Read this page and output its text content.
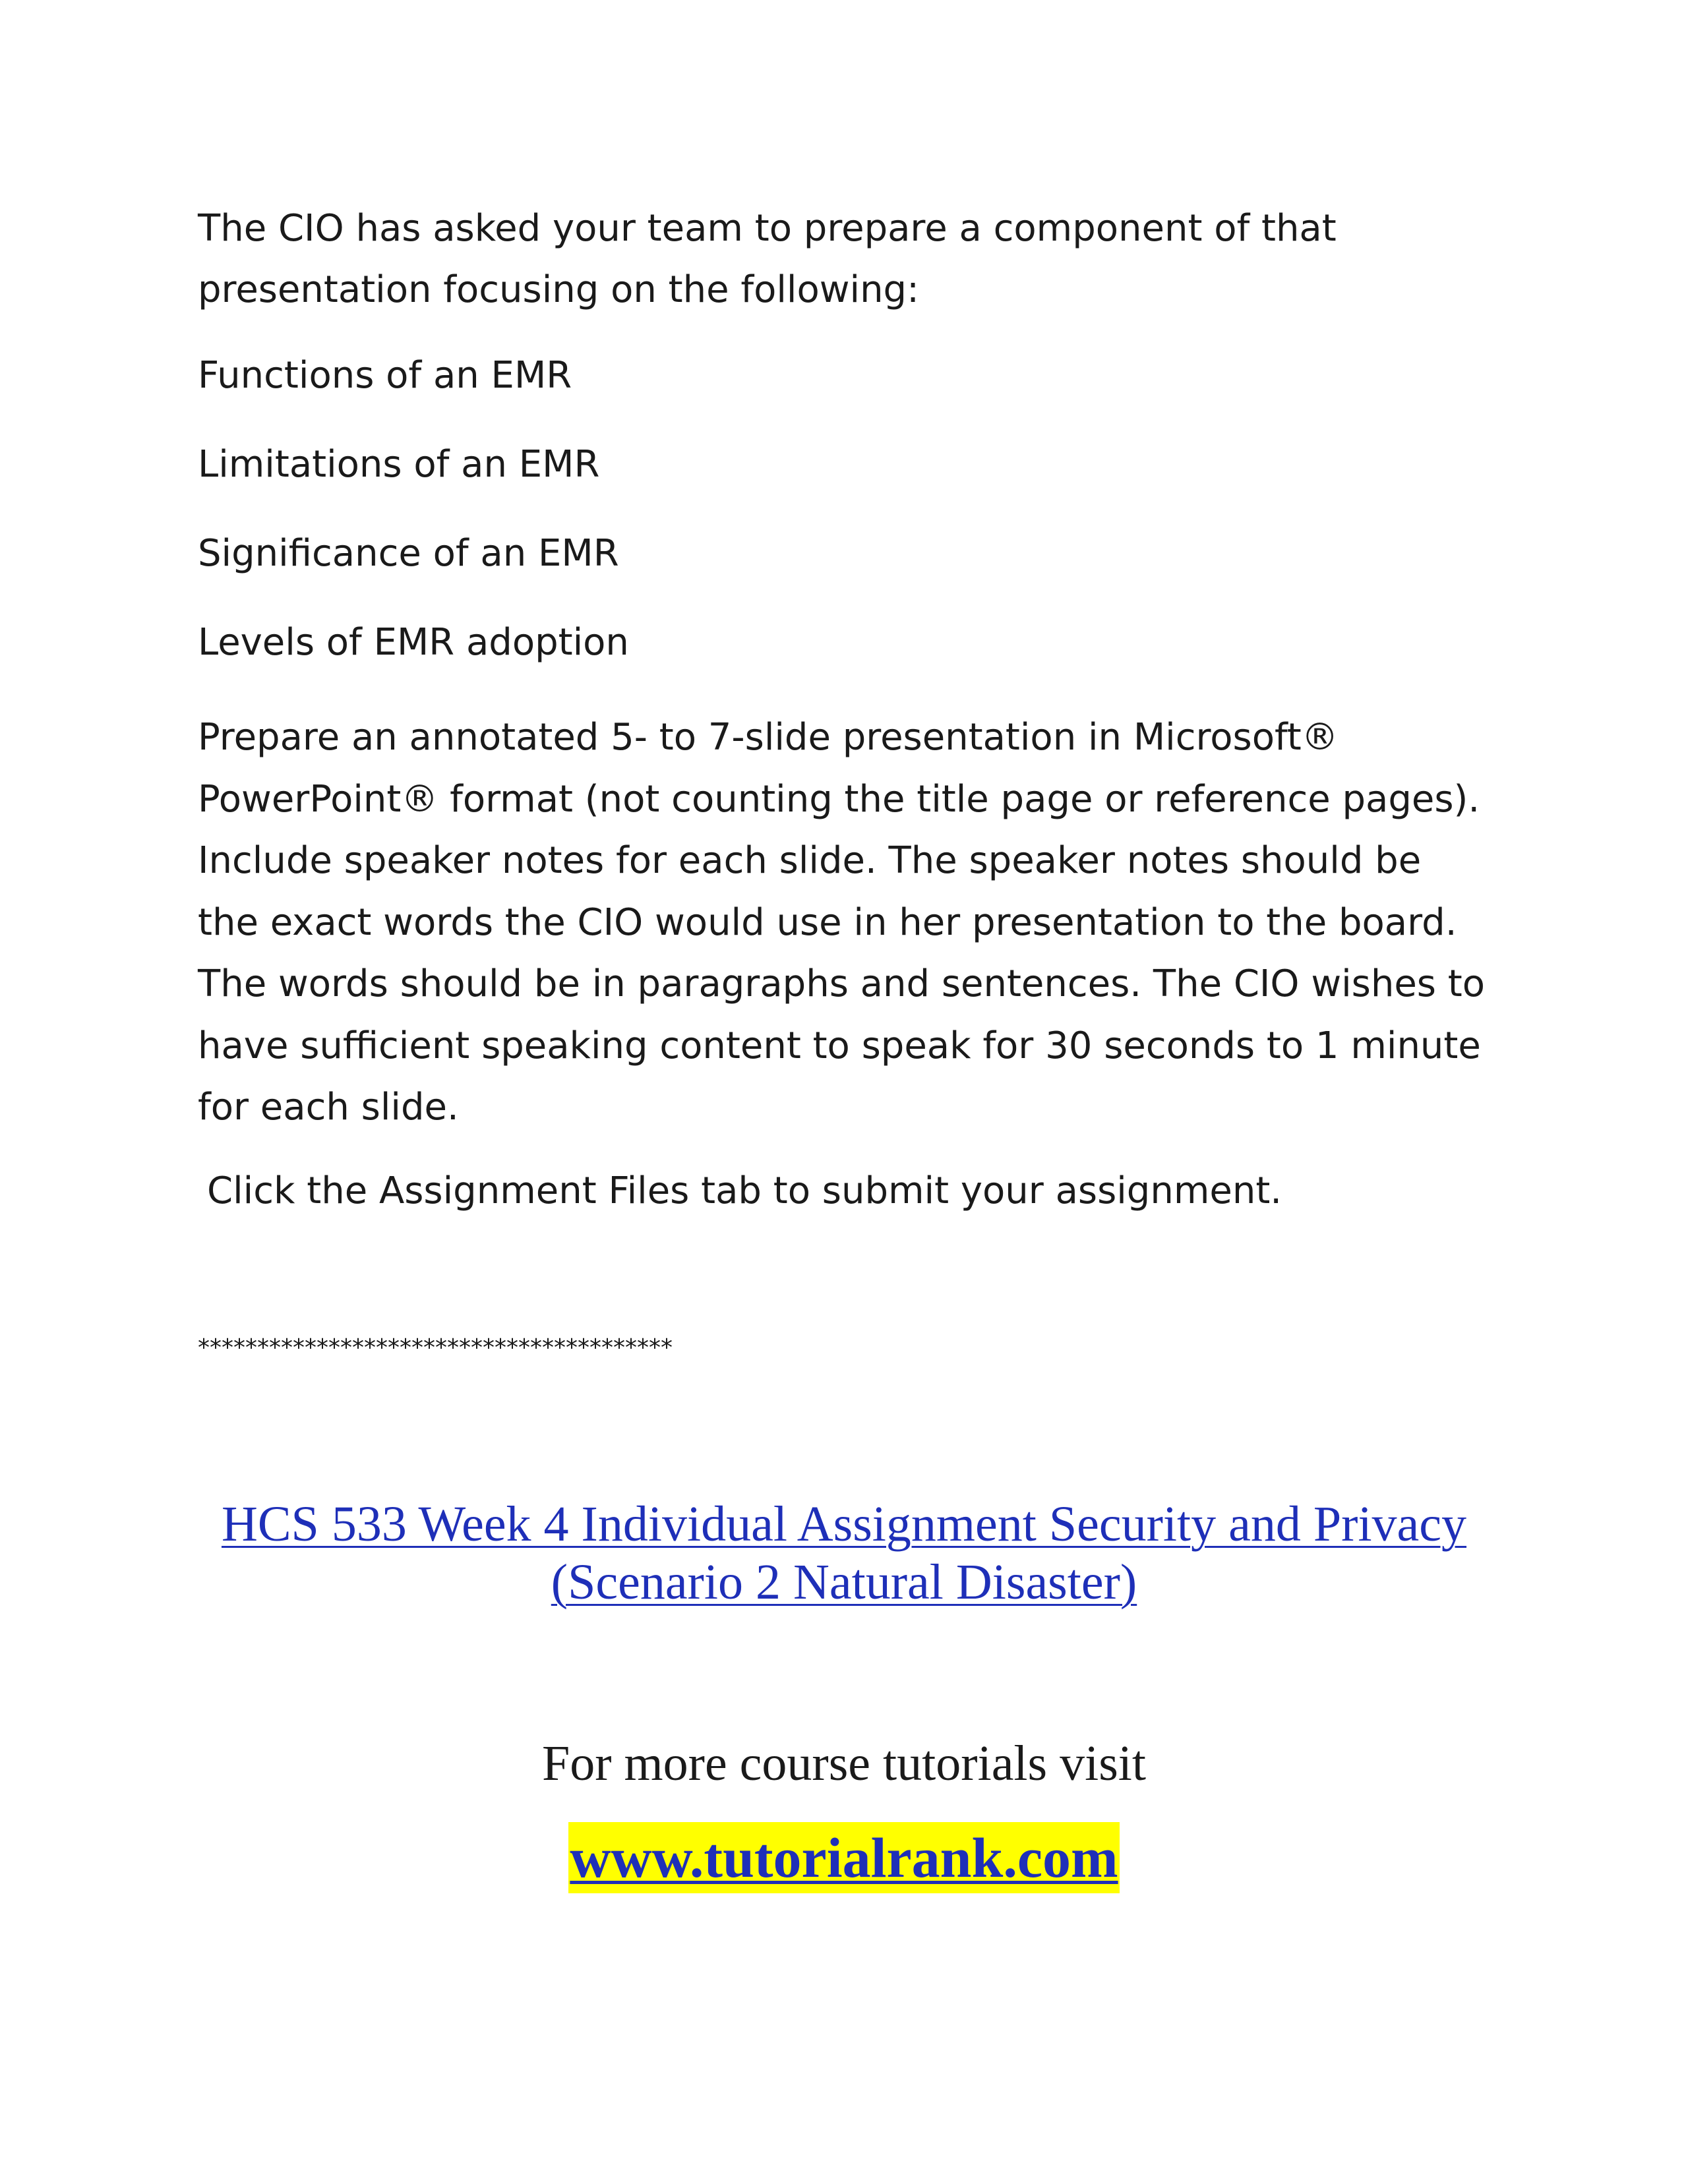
The CIO has asked your team to prepare a component of that presentation focusing on the following:

Functions of an EMR

Limitations of an EMR

Significance of an EMR

Levels of EMR adoption

Prepare an annotated 5- to 7-slide presentation in Microsoft® PowerPoint® format (not counting the title page or reference pages). Include speaker notes for each slide. The speaker notes should be the exact words the CIO would use in her presentation to the board. The words should be in paragraphs and sentences. The CIO wishes to have sufficient speaking content to speak for 30 seconds to 1 minute for each slide.

Click the Assignment Files tab to submit your assignment.

****************************************
HCS 533 Week 4 Individual Assignment Security and Privacy (Scenario 2 Natural Disaster)
For more course tutorials visit
www.tutorialrank.com
